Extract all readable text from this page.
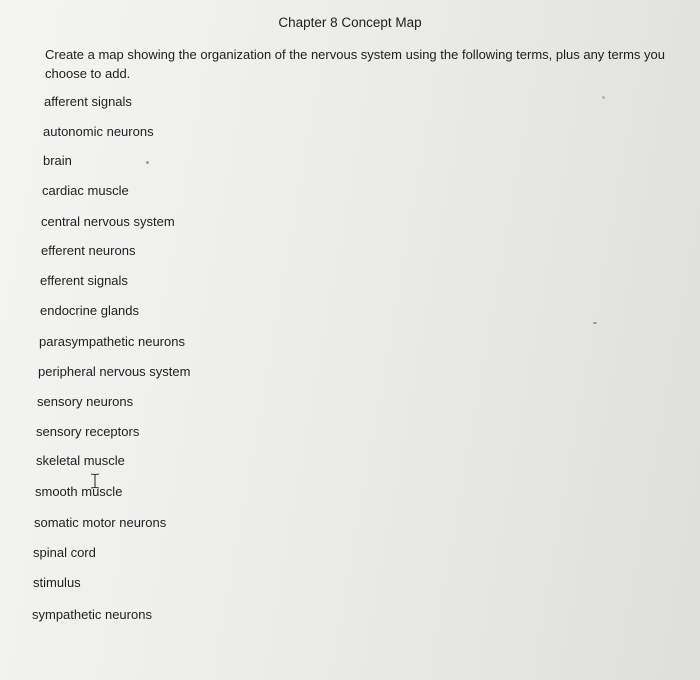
Chapter 8 Concept Map
Create a map showing the organization of the nervous system using the following terms, plus any terms you choose to add.
afferent signals
autonomic neurons
brain
cardiac muscle
central nervous system
efferent neurons
efferent signals
endocrine glands
parasympathetic neurons
peripheral nervous system
sensory neurons
sensory receptors
skeletal muscle
smooth muscle
somatic motor neurons
spinal cord
stimulus
sympathetic neurons
